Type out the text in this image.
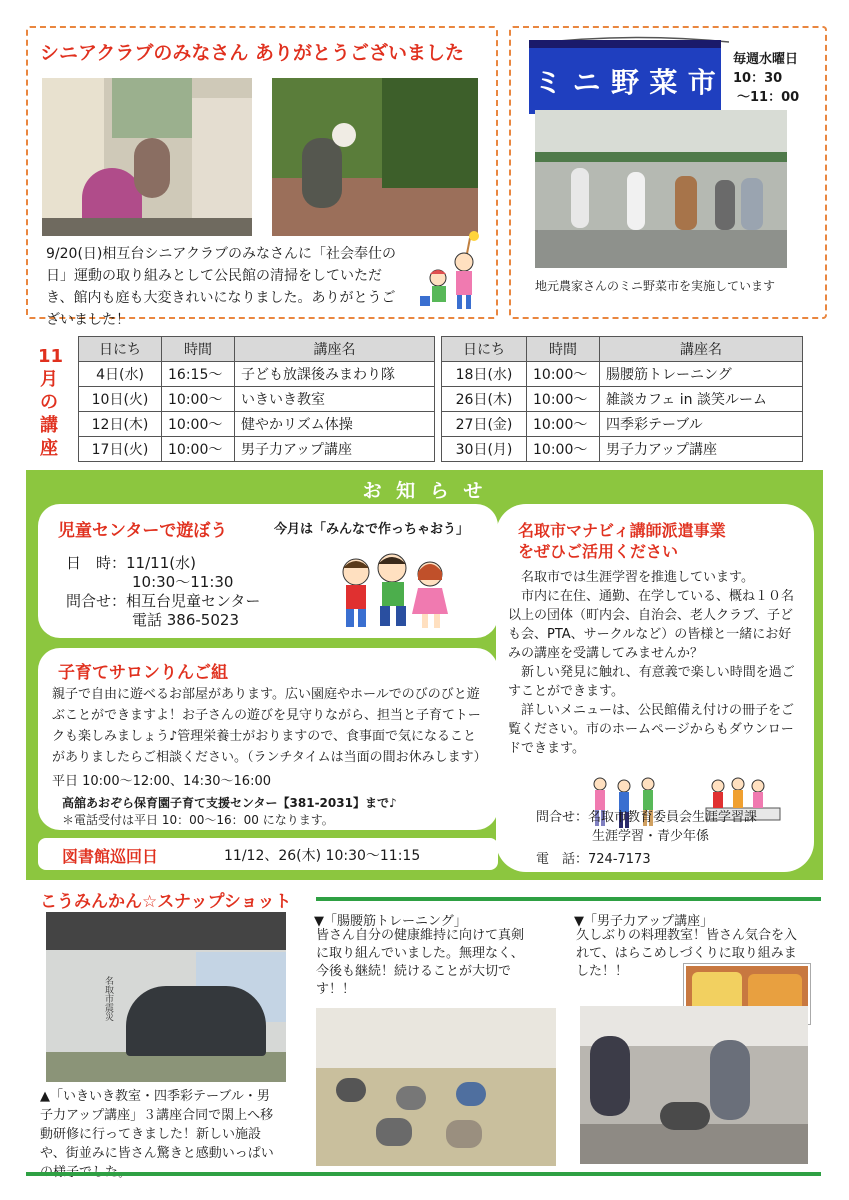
シニアクラブのみなさん ありがとうございました
9/20(日)相互台シニアクラブのみなさんに「社会奉仕の日」運動の取り組みとして公民館の清掃をしていただき、館内も庭も大変きれいになりました。ありがとうございました！
ミ ニ 野 菜 市
毎週水曜日
10：30
～11：00
地元農家さんのミニ野菜市を実施しています
11
月
の
講
座
日にち	時間	講座名
4日(水)	16:15～	子ども放課後みまわり隊
10日(火)	10:00～	いきいき教室
12日(木)	10:00～	健やかリズム体操
17日(火)	10:00～	男子力アップ講座
日にち	時間	講座名
18日(水)	10:00～	腸腰筋トレーニング
26日(木)	10:00～	雑談カフェ in 談笑ルーム
27日(金)	10:00～	四季彩テーブル
30日(月)	10:00～	男子力アップ講座
お 知 ら せ
児童センターで遊ぼう	今月は「みんなで作っちゃおう」
日　時：11/11(水)
10:30～11:30
問合せ：相互台児童センター
電話 386-5023
子育てサロンりんご組
親子で自由に遊べるお部屋があります。広い園庭やホールでのびのびと遊ぶことができますよ！お子さんの遊びを見守りながら、担当と子育てトークも楽しみましょう♪管理栄養士がおりますので、食事面で気になることがありましたらご相談ください。（ランチタイムは当面の間お休みします）
平日 10:00～12:00、14:30～16:00
高舘あおぞら保育園子育て支援センター【381-2031】まで♪
＊電話受付は平日 10：00～16：00 になります。
図書館巡回日	11/12、26(木) 10:30～11:15
名取市マナビィ講師派遣事業
をぜひご活用ください
名取市では生涯学習を推進しています。
市内に在住、通勤、在学している、概ね１０名以上の団体（町内会、自治会、老人クラブ、子ども会、PTA、サークルなど）の皆様と一緒にお好みの講座を受講してみませんか？
新しい発見に触れ、有意義で楽しい時間を過ごすことができます。
詳しいメニューは、公民館備え付けの冊子をご覧ください。市のホームページからもダウンロードできます。
問合せ：名取市教育委員会生涯学習課
生涯学習・青少年係
電　話：724-7173
こうみんかん☆スナップショット
名取市震災
▲「いきいき教室・四季彩テーブル・男子力アップ講座」３講座合同で閖上へ移動研修に行ってきました！新しい施設や、街並みに皆さん驚きと感動いっぱい
▼「腸腰筋トレーニング」
皆さん自分の健康維持に向けて真剣に取り組んでいました。無理なく、今後も継続！続けることが大切です！！
▼「男子力アップ講座」
久しぶりの料理教室！皆さん気合を入れて、はらこめしづくりに取り組みました！！
